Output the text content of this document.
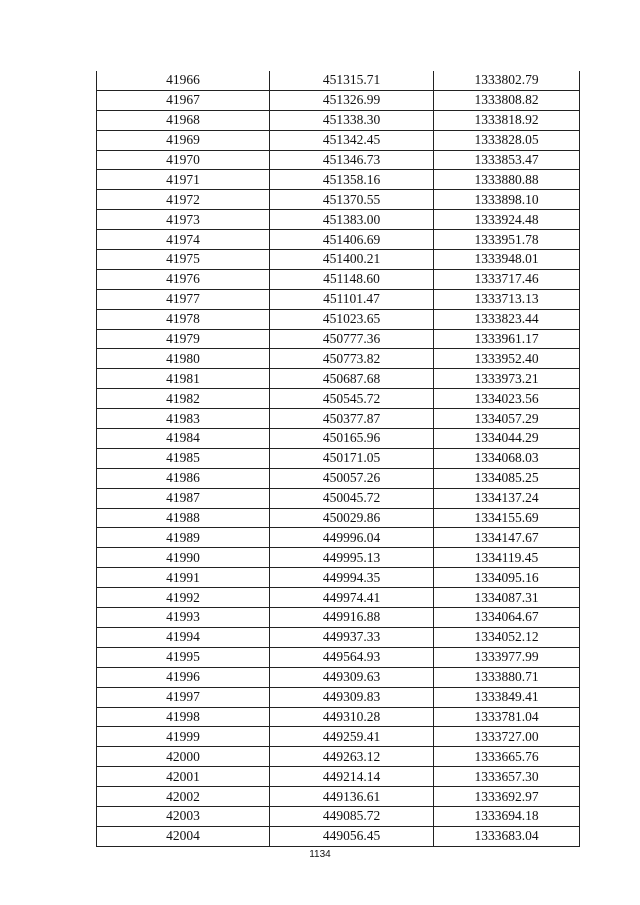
41966	451315.71	1333802.79
41967	451326.99	1333808.82
41968	451338.30	1333818.92
41969	451342.45	1333828.05
41970	451346.73	1333853.47
41971	451358.16	1333880.88
41972	451370.55	1333898.10
41973	451383.00	1333924.48
41974	451406.69	1333951.78
41975	451400.21	1333948.01
41976	451148.60	1333717.46
41977	451101.47	1333713.13
41978	451023.65	1333823.44
41979	450777.36	1333961.17
41980	450773.82	1333952.40
41981	450687.68	1333973.21
41982	450545.72	1334023.56
41983	450377.87	1334057.29
41984	450165.96	1334044.29
41985	450171.05	1334068.03
41986	450057.26	1334085.25
41987	450045.72	1334137.24
41988	450029.86	1334155.69
41989	449996.04	1334147.67
41990	449995.13	1334119.45
41991	449994.35	1334095.16
41992	449974.41	1334087.31
41993	449916.88	1334064.67
41994	449937.33	1334052.12
41995	449564.93	1333977.99
41996	449309.63	1333880.71
41997	449309.83	1333849.41
41998	449310.28	1333781.04
41999	449259.41	1333727.00
42000	449263.12	1333665.76
42001	449214.14	1333657.30
42002	449136.61	1333692.97
42003	449085.72	1333694.18
42004	449056.45	1333683.04
1134
